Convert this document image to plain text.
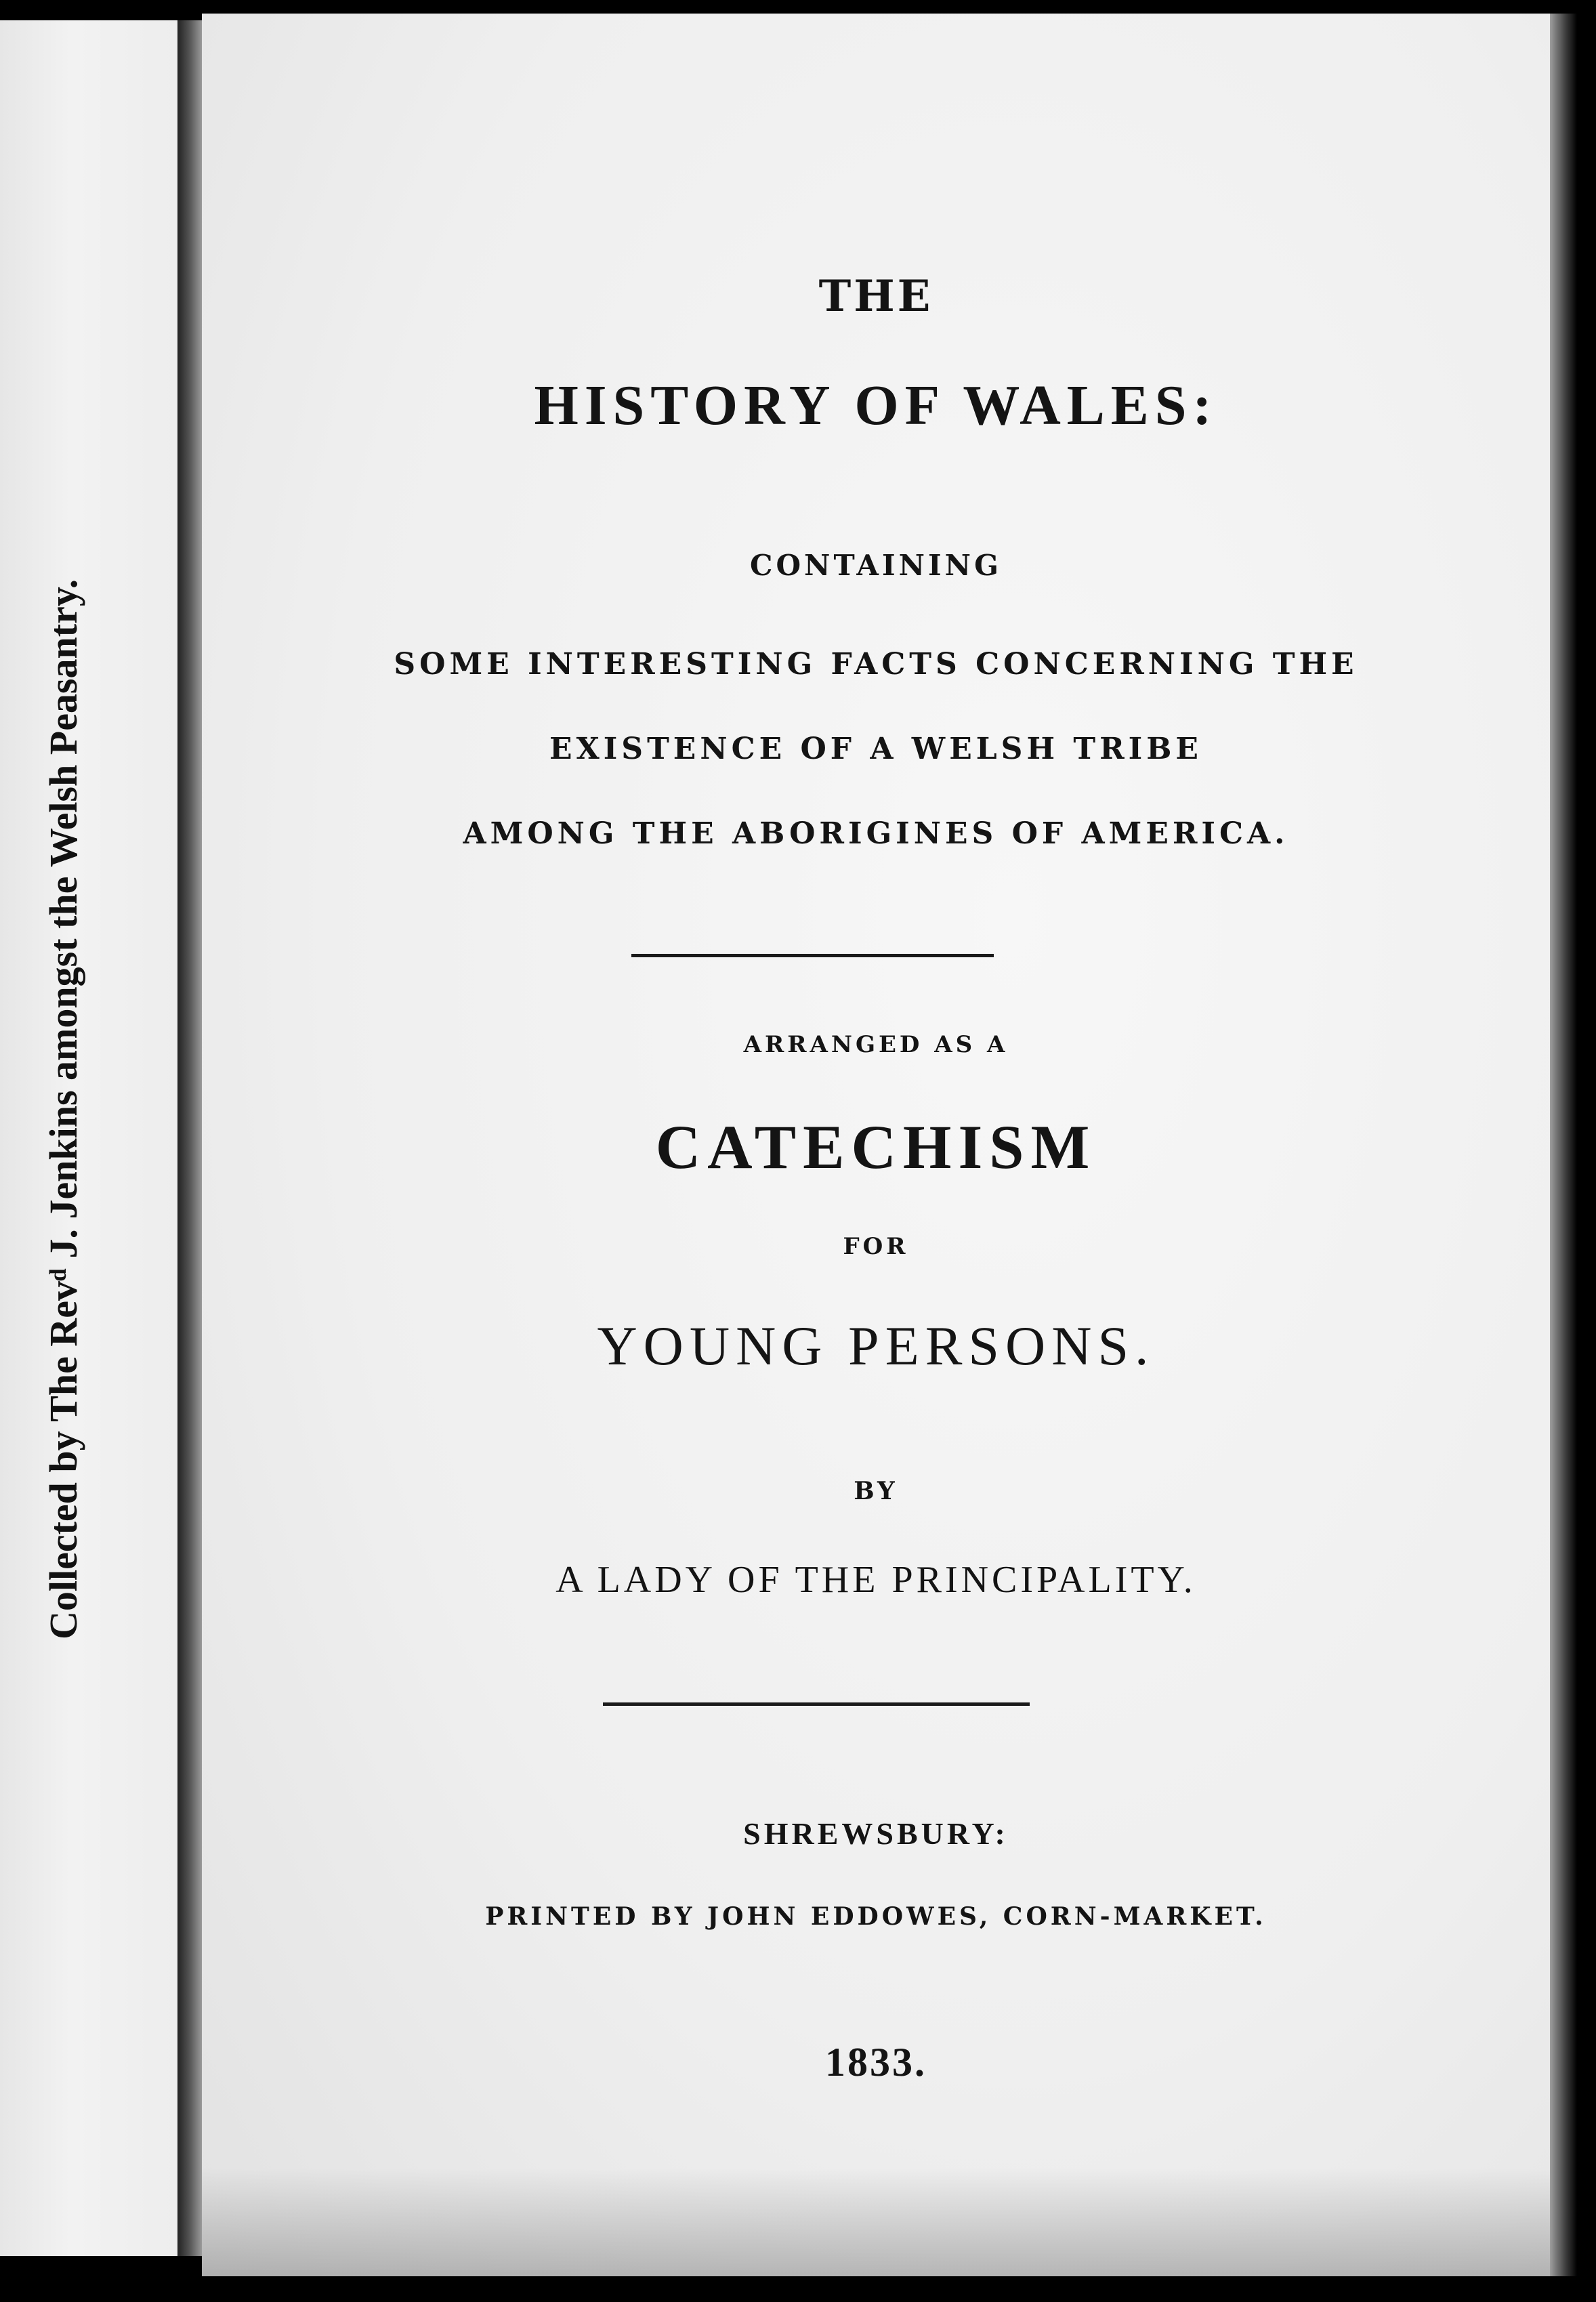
Collected by The Revᵈ J. Jenkins amongst the Welsh Peasantry.
THE
HISTORY OF WALES:
CONTAINING
SOME INTERESTING FACTS CONCERNING THE
EXISTENCE OF A WELSH TRIBE
AMONG THE ABORIGINES OF AMERICA.
ARRANGED AS A
CATECHISM
FOR
YOUNG PERSONS.
BY
A LADY OF THE PRINCIPALITY.
SHREWSBURY:
PRINTED BY JOHN EDDOWES, CORN-MARKET.
1833.
